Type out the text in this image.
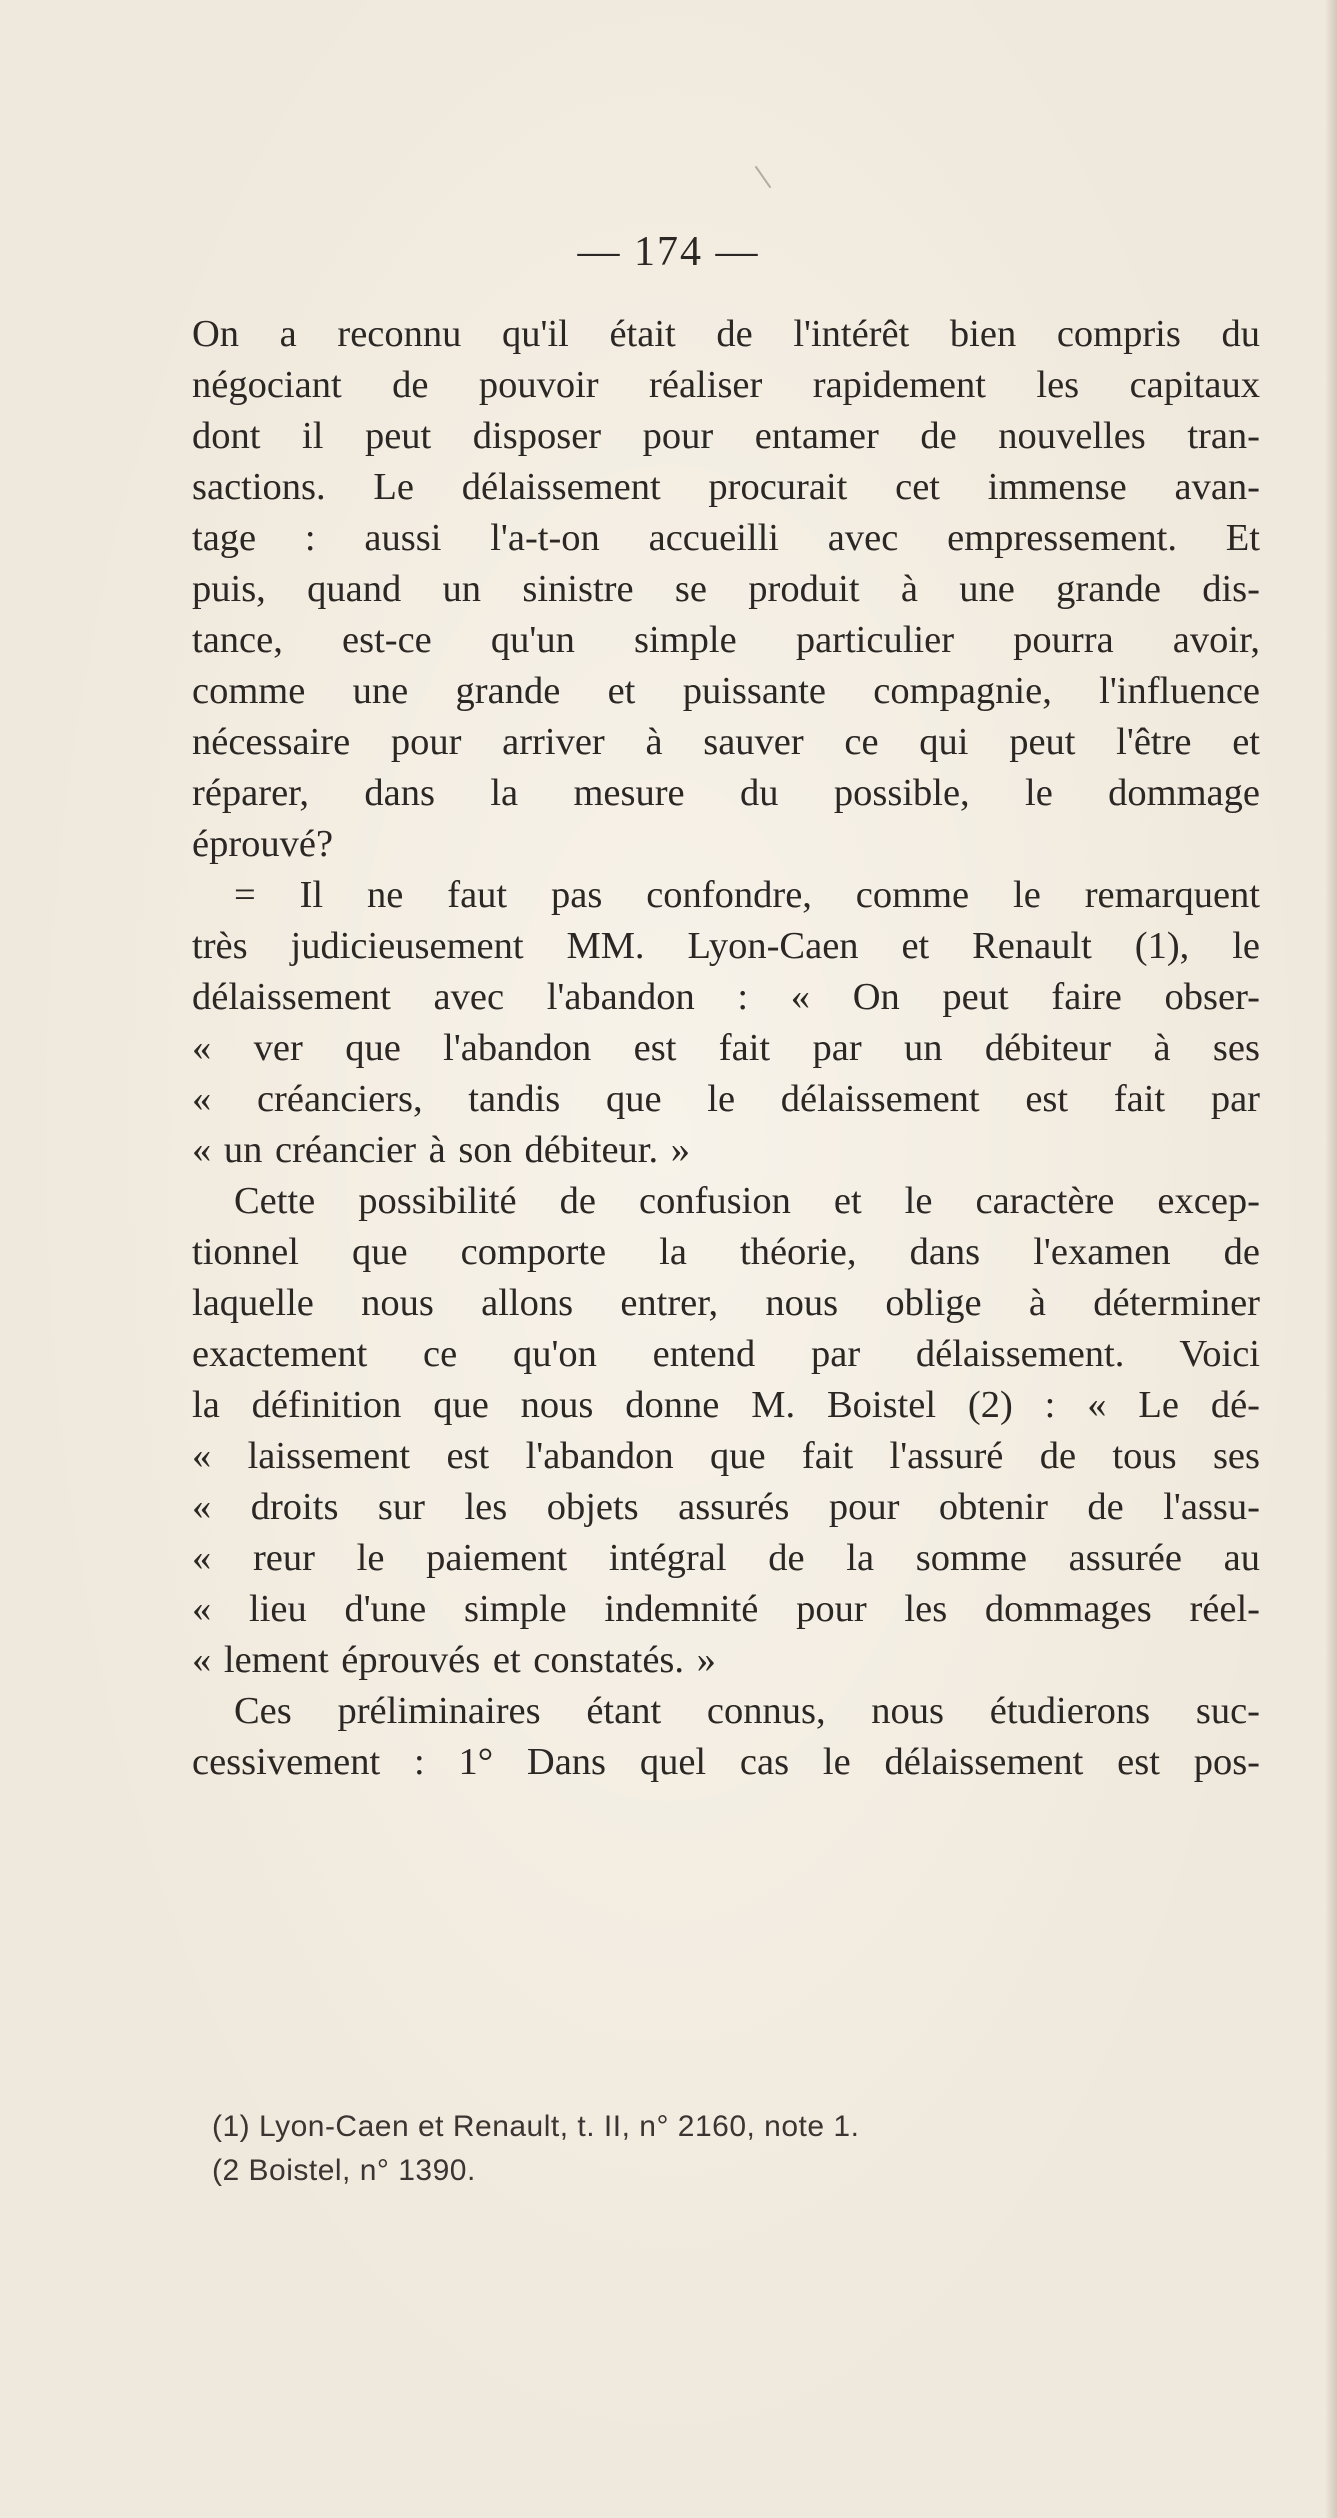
— 174 —
On a reconnu qu'il était de l'intérêt bien compris du
négociant de pouvoir réaliser rapidement les capitaux
dont il peut disposer pour entamer de nouvelles tran-
sactions. Le délaissement procurait cet immense avan-
tage : aussi l'a-t-on accueilli avec empressement. Et
puis, quand un sinistre se produit à une grande dis-
tance, est-ce qu'un simple particulier pourra avoir,
comme une grande et puissante compagnie, l'influence
nécessaire pour arriver à sauver ce qui peut l'être et
réparer, dans la mesure du possible, le dommage
éprouvé?
= Il ne faut pas confondre, comme le remarquent
très judicieusement MM. Lyon-Caen et Renault (1), le
délaissement avec l'abandon : « On peut faire obser-
« ver que l'abandon est fait par un débiteur à ses
« créanciers, tandis que le délaissement est fait par
« un créancier à son débiteur. »
Cette possibilité de confusion et le caractère excep-
tionnel que comporte la théorie, dans l'examen de
laquelle nous allons entrer, nous oblige à déterminer
exactement ce qu'on entend par délaissement. Voici
la définition que nous donne M. Boistel (2) : « Le dé-
« laissement est l'abandon que fait l'assuré de tous ses
« droits sur les objets assurés pour obtenir de l'assu-
« reur le paiement intégral de la somme assurée au
« lieu d'une simple indemnité pour les dommages réel-
« lement éprouvés et constatés. »
Ces préliminaires étant connus, nous étudierons suc-
cessivement : 1° Dans quel cas le délaissement est pos-
(1) Lyon-Caen et Renault, t. II, n° 2160, note 1.
(2 Boistel, n° 1390.
